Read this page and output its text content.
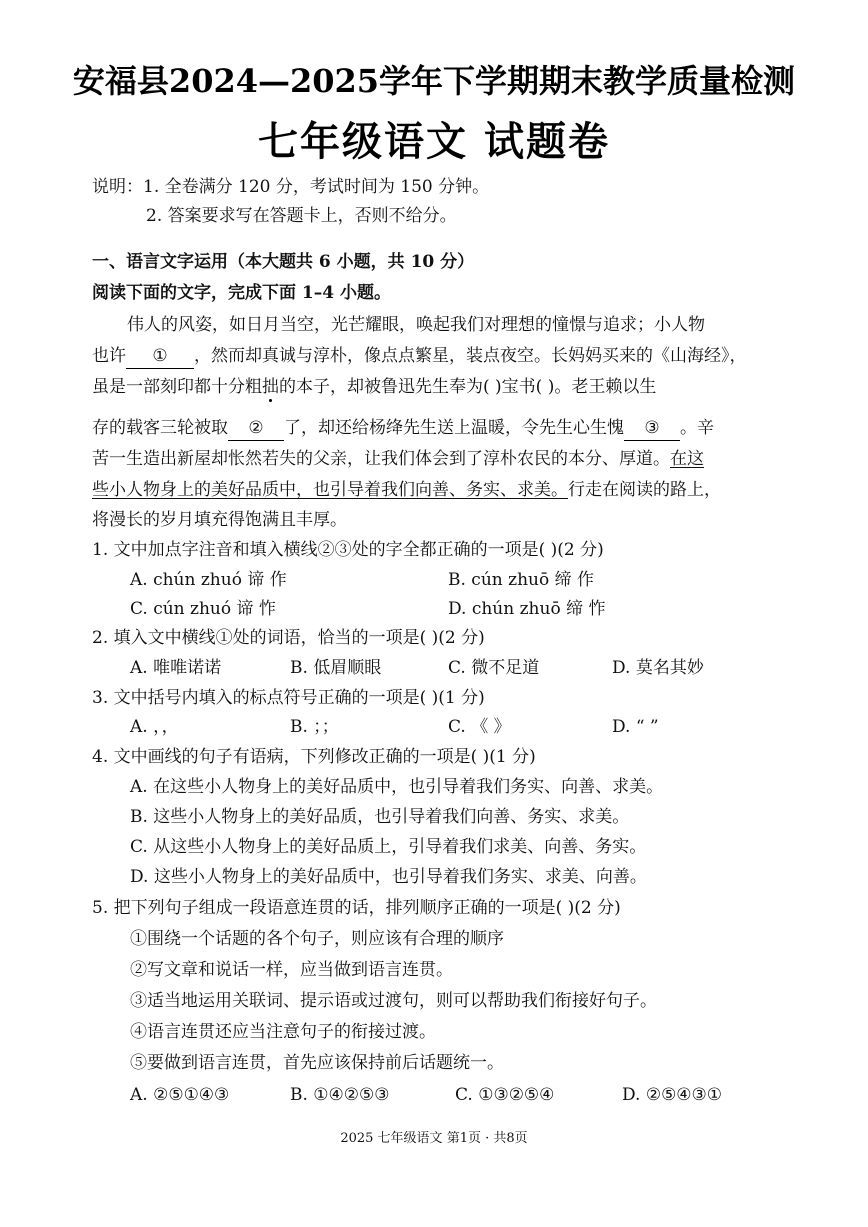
安福县2024—2025学年下学期期末教学质量检测
七年级语文 试题卷
说明：1. 全卷满分 120 分，考试时间为 150 分钟。
2. 答案要求写在答题卡上，否则不给分。
一、语言文字运用（本大题共 6 小题，共 10 分）
阅读下面的文字，完成下面 1–4 小题。
伟人的风姿，如日月当空，光芒耀眼，唤起我们对理想的憧憬与追求；小人物
也许 ① ，然而却真诚与淳朴，像点点繁星，装点夜空。长妈妈买来的《山海经》，
虽是一部刻印都十分粗拙的本子，却被鲁迅先生奉为( )宝书( )。老王赖以生
存的载客三轮被取 ② 了，却还给杨绛先生送上温暖，令先生心生愧 ③ 。辛
苦一生造出新屋却怅然若失的父亲，让我们体会到了淳朴农民的本分、厚道。在这
些小人物身上的美好品质中，也引导着我们向善、务实、求美。行走在阅读的路上，
将漫长的岁月填充得饱满且丰厚。
1. 文中加点字注音和填入横线②③处的字全都正确的一项是( )(2 分)
A. chún zhuó 谛 作	B. cún zhuō 缔 作
C. cún zhuó 谛 怍	D. chún zhuō 缔 怍
2. 填入文中横线①处的词语，恰当的一项是( )(2 分)
A. 唯唯诺诺	B. 低眉顺眼	C. 微不足道	D. 莫名其妙
3. 文中括号内填入的标点符号正确的一项是( )(1 分)
A. ，，	B. ；；	C. 《 》	D. “ ”
4. 文中画线的句子有语病，下列修改正确的一项是( )(1 分)
A. 在这些小人物身上的美好品质中，也引导着我们务实、向善、求美。
B. 这些小人物身上的美好品质，也引导着我们向善、务实、求美。
C. 从这些小人物身上的美好品质上，引导着我们求美、向善、务实。
D. 这些小人物身上的美好品质中，也引导着我们务实、求美、向善。
5. 把下列句子组成一段语意连贯的话，排列顺序正确的一项是( )(2 分)
①围绕一个话题的各个句子，则应该有合理的顺序
②写文章和说话一样，应当做到语言连贯。
③适当地运用关联词、提示语或过渡句，则可以帮助我们衔接好句子。
④语言连贯还应当注意句子的衔接过渡。
⑤要做到语言连贯，首先应该保持前后话题统一。
A. ②⑤①④③	B. ①④②⑤③	C. ①③②⑤④	D. ②⑤④③①
2025 七年级语文 第1页 · 共8页
